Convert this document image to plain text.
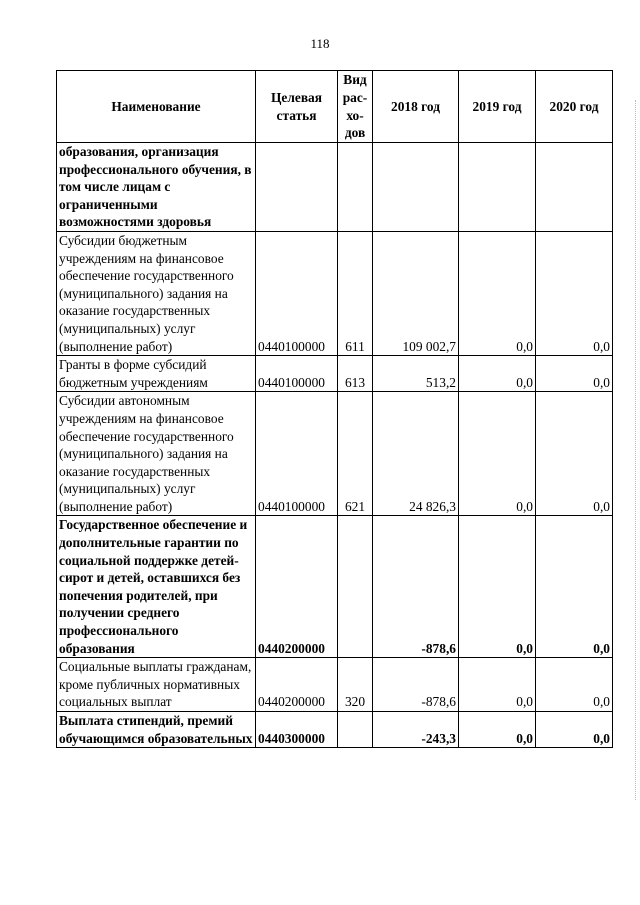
118
Наименование	Целевая статья	Вид рас-хо-дов	2018 год	2019 год	2020 год
образования, организация профессионального обучения, в том числе лицам с ограниченными возможностями здоровья					
Субсидии бюджетным учреждениям на финансовое обеспечение государственного (муниципального) задания на оказание государственных (муниципальных) услуг (выполнение работ)	0440100000	611	109 002,7	0,0	0,0
Гранты в форме субсидий бюджетным учреждениям	0440100000	613	513,2	0,0	0,0
Субсидии автономным учреждениям на финансовое обеспечение государственного (муниципального) задания на оказание государственных (муниципальных) услуг (выполнение работ)	0440100000	621	24 826,3	0,0	0,0
Государственное обеспечение и дополнительные гарантии по социальной поддержке детей-сирот и детей, оставшихся без попечения родителей, при получении среднего профессионального образования	0440200000		-878,6	0,0	0,0
Социальные выплаты гражданам, кроме публичных нормативных социальных выплат	0440200000	320	-878,6	0,0	0,0
Выплата стипендий, премий обучающимся образовательных	0440300000		-243,3	0,0	0,0
